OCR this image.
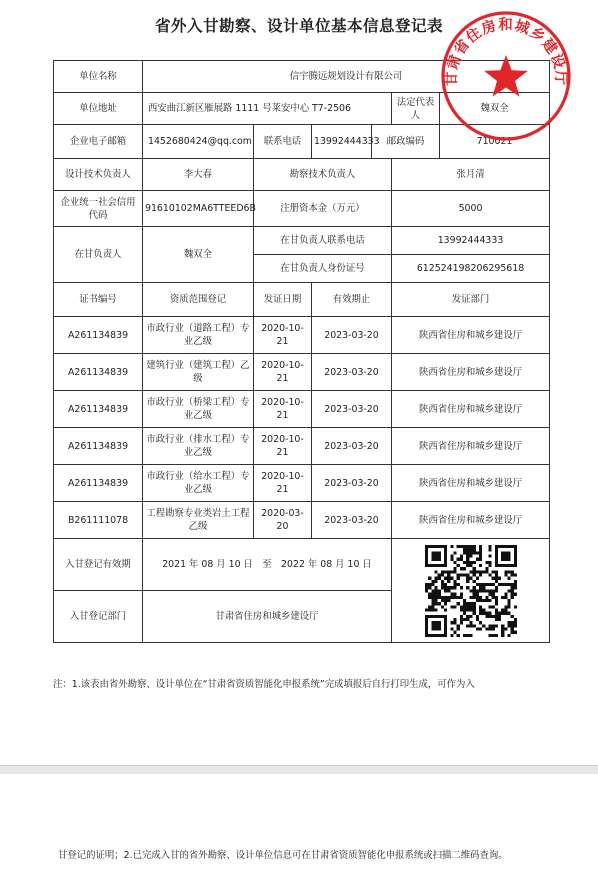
省外入甘勘察、设计单位基本信息登记表
单位名称	信宇腾远规划设计有限公司					
单位地址	西安曲江新区雁展路 1111 号莱安中心 T7-2506				法定代表人	魏双全
企业电子邮箱	1452680424@qq.com	联系电话	13992444333	邮政编码		710021
设计技术负责人	李大春	勘察技术负责人			张月清	
企业统一社会信用代码	91610102MA6TTEED6B	注册资本金（万元）			5000	
在甘负责人	魏双全	在甘负责人联系电话			13992444333	
		在甘负责人身份证号			612524198206295618	
证书编号	资质范围登记	发证日期	有效期止		发证部门	
A261134839	市政行业（道路工程）专业乙级	2020-10-21	2023-03-20		陕西省住房和城乡建设厅	
A261134839	建筑行业（建筑工程）乙级	2020-10-21	2023-03-20		陕西省住房和城乡建设厅	
A261134839	市政行业（桥梁工程）专业乙级	2020-10-21	2023-03-20		陕西省住房和城乡建设厅	
A261134839	市政行业（排水工程）专业乙级	2020-10-21	2023-03-20		陕西省住房和城乡建设厅	
A261134839	市政行业（给水工程）专业乙级	2020-10-21	2023-03-20		陕西省住房和城乡建设厅	
B261111078	工程勘察专业类岩土工程乙级	2020-03-20	2023-03-20		陕西省住房和城乡建设厅	
入甘登记有效期	2021 年 08 月 10 日　至　2022 年 08 月 10 日	

入甘登记部门	甘肃省住房和城乡建设厅					
甘肃省住房和城乡建设厅
注：1.该表由省外勘察、设计单位在“甘肃省资质智能化申报系统”完成填报后自行打印生成，可作为入
甘登记的证明；2.已完成入甘的省外勘察、设计单位信息可在甘肃省资质智能化申报系统或扫描二维码查询。
